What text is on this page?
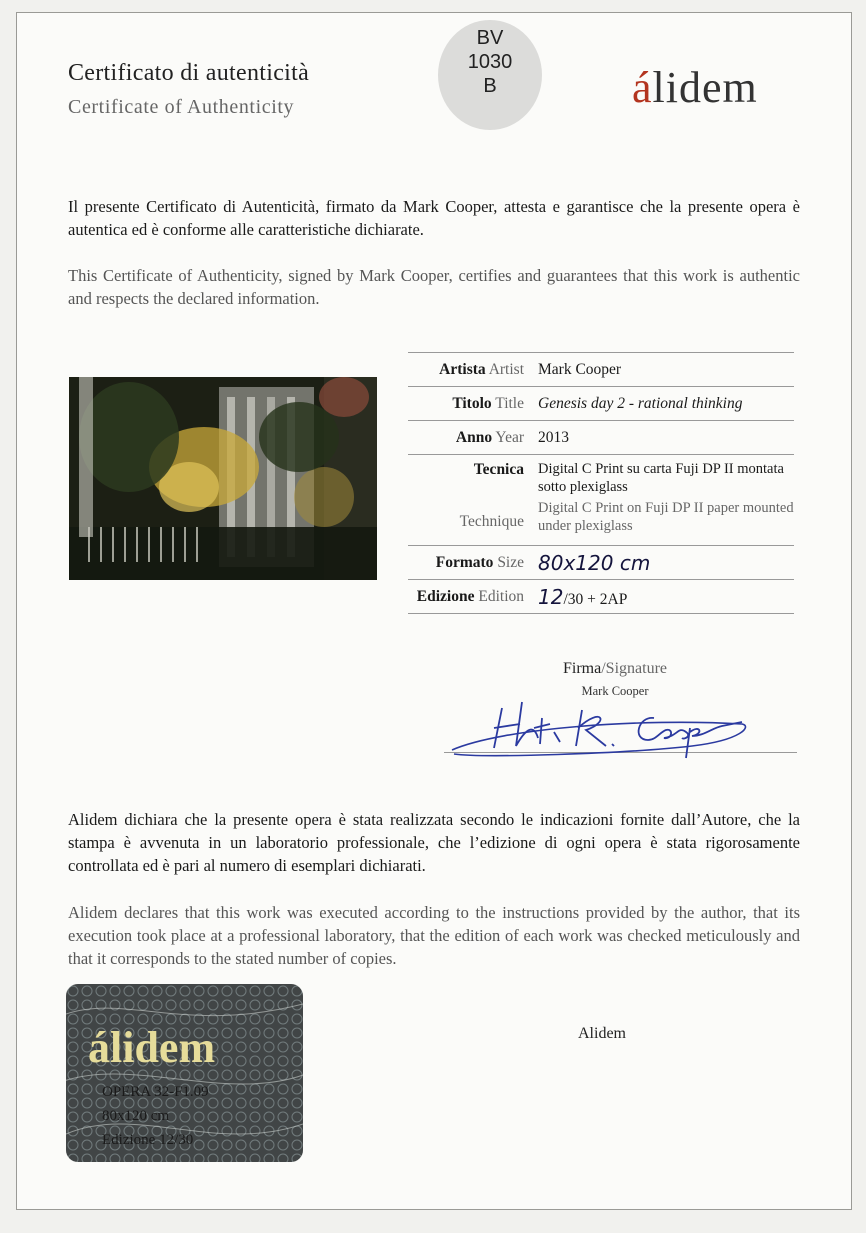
Certificato di autenticità
Certificate of Authenticity
BV
1030
B	álidem
Il presente Certificato di Autenticità, firmato da Mark Cooper, attesta e garantisce che la presente opera è autentica ed è conforme alle caratteristiche dichiarate.
This Certificate of Authenticity, signed by Mark Cooper, certifies and guarantees that this work is authentic and respects the declared information.
Artista Artist Mark Cooper
Titolo Title Genesis day 2 - rational thinking
Anno Year 2013
Tecnica
Technique
Digital C Print su carta Fuji DP II montata sotto plexiglass
Digital C Print on Fuji DP II paper mounted under plexiglass
Formato Size 80x120 cm
Edizione Edition 12/30 + 2AP
Firma/Signature
Mark Cooper
Alidem dichiara che la presente opera è stata realizzata secondo le indicazioni fornite dall’Autore, che la stampa è avvenuta in un laboratorio professionale, che l’edizione di ogni opera è stata rigorosamente controllata ed è pari al numero di esemplari dichiarati.
Alidem declares that this work was executed according to the instructions provided by the author, that its execution took place at a professional laboratory, that the edition of each work was checked meticulously and that it corresponds to the stated number of copies.
álidem
OPERA 32-F1.09
80x120 cm
Edizione 12/30
Alidem
